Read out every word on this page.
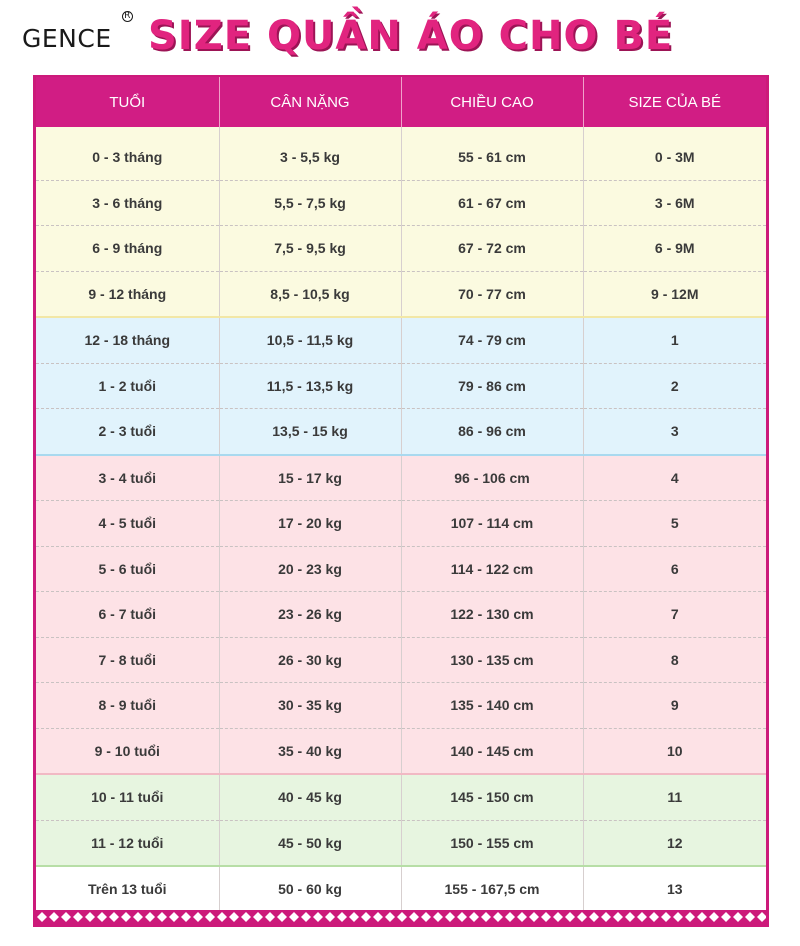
GENCE
R SIZE QUẦN ÁO CHO BÉ
TUỔI	CÂN NẶNG	CHIỀU CAO	SIZE CỦA BÉ

0 - 3 tháng	3 - 5,5 kg	55 - 61 cm	0 - 3M
3 - 6 tháng	5,5 - 7,5 kg	61 - 67 cm	3 - 6M
6 - 9 tháng	7,5 - 9,5 kg	67 - 72 cm	6 - 9M
9 - 12 tháng	8,5 - 10,5 kg	70 - 77 cm	9 - 12M
12 - 18 tháng	10,5 - 11,5 kg	74 - 79 cm	1
1 - 2 tuổi	11,5 - 13,5 kg	79 - 86 cm	2
2 - 3 tuổi	13,5 - 15 kg	86 - 96 cm	3
3 - 4 tuổi	15 - 17 kg	96 - 106 cm	4
4 - 5 tuổi	17 - 20 kg	107 - 114 cm	5
5 - 6 tuổi	20 - 23 kg	114 - 122 cm	6
6 - 7 tuổi	23 - 26 kg	122 - 130 cm	7
7 - 8 tuổi	26 - 30 kg	130 - 135 cm	8
8 - 9 tuổi	30 - 35 kg	135 - 140 cm	9
9 - 10 tuổi	35 - 40 kg	140 - 145 cm	10
10 - 11 tuổi	40 - 45 kg	145 - 150 cm	11
11 - 12 tuổi	45 - 50 kg	150 - 155 cm	12
Trên 13 tuổi	50 - 60 kg	155 - 167,5 cm	13
